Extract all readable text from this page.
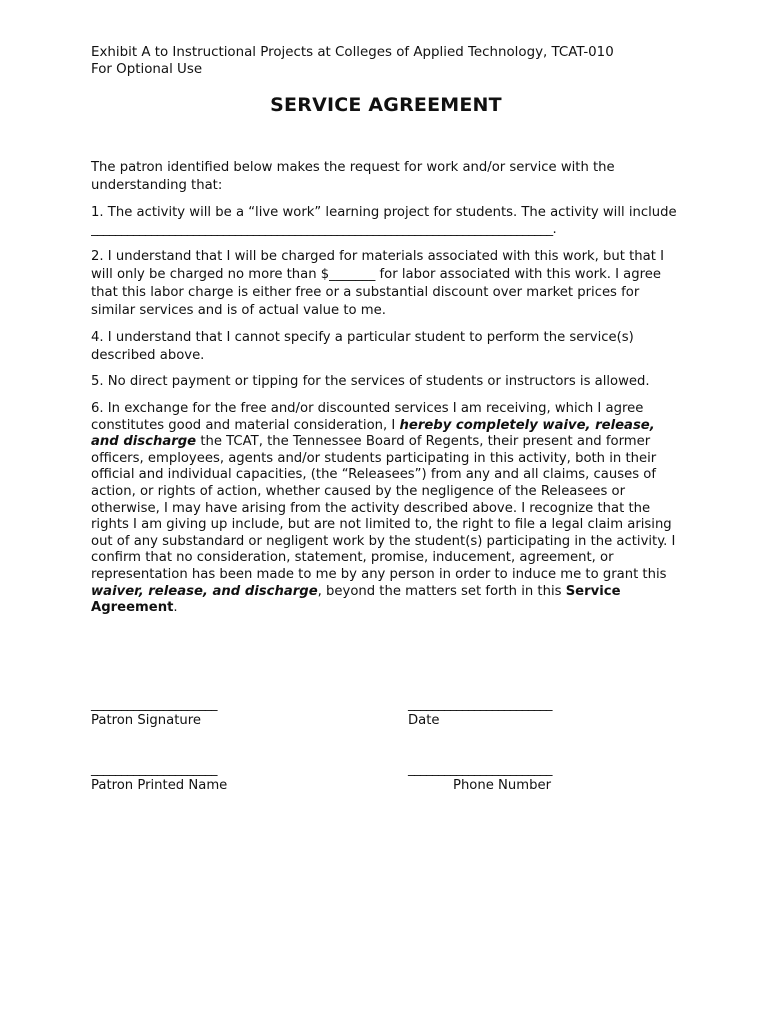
Exhibit A to Instructional Projects at Colleges of Applied Technology, TCAT-010

For Optional Use

SERVICE AGREEMENT

The patron identified below makes the request for work and/or service with the understanding that:

1. The activity will be a “live work” learning project for students. The activity will include
_____________________________________________________________________________.

2. I understand that I will be charged for materials associated with this work, but that I will only be charged no more than $_______ for labor associated with this work. I agree that this labor charge is either free or a substantial discount over market prices for similar services and is of actual value to me.

4. I understand that I cannot specify a particular student to perform the service(s) described above.

5. No direct payment or tipping for the services of students or instructors is allowed.

6. In exchange for the free and/or discounted services I am receiving, which I agree constitutes good and material consideration, I hereby completely waive, release, and discharge the TCAT, the Tennessee Board of Regents, their present and former officers, employees, agents and/or students participating in this activity, both in their official and individual capacities, (the “Releasees”) from any and all claims, causes of action, or rights of action, whether caused by the negligence of the Releasees or otherwise, I may have arising from the activity described above. I recognize that the rights I am giving up include, but are not limited to, the right to file a legal claim arising out of any substandard or negligent work by the student(s) participating in the activity. I confirm that no consideration, statement, promise, inducement, agreement, or representation has been made to me by any person in order to induce me to grant this waiver, release, and discharge, beyond the matters set forth in this Service Agreement.

_____________________
Patron Signature
________________________
Date
_____________________
Patron Printed Name
________________________
Phone Number
